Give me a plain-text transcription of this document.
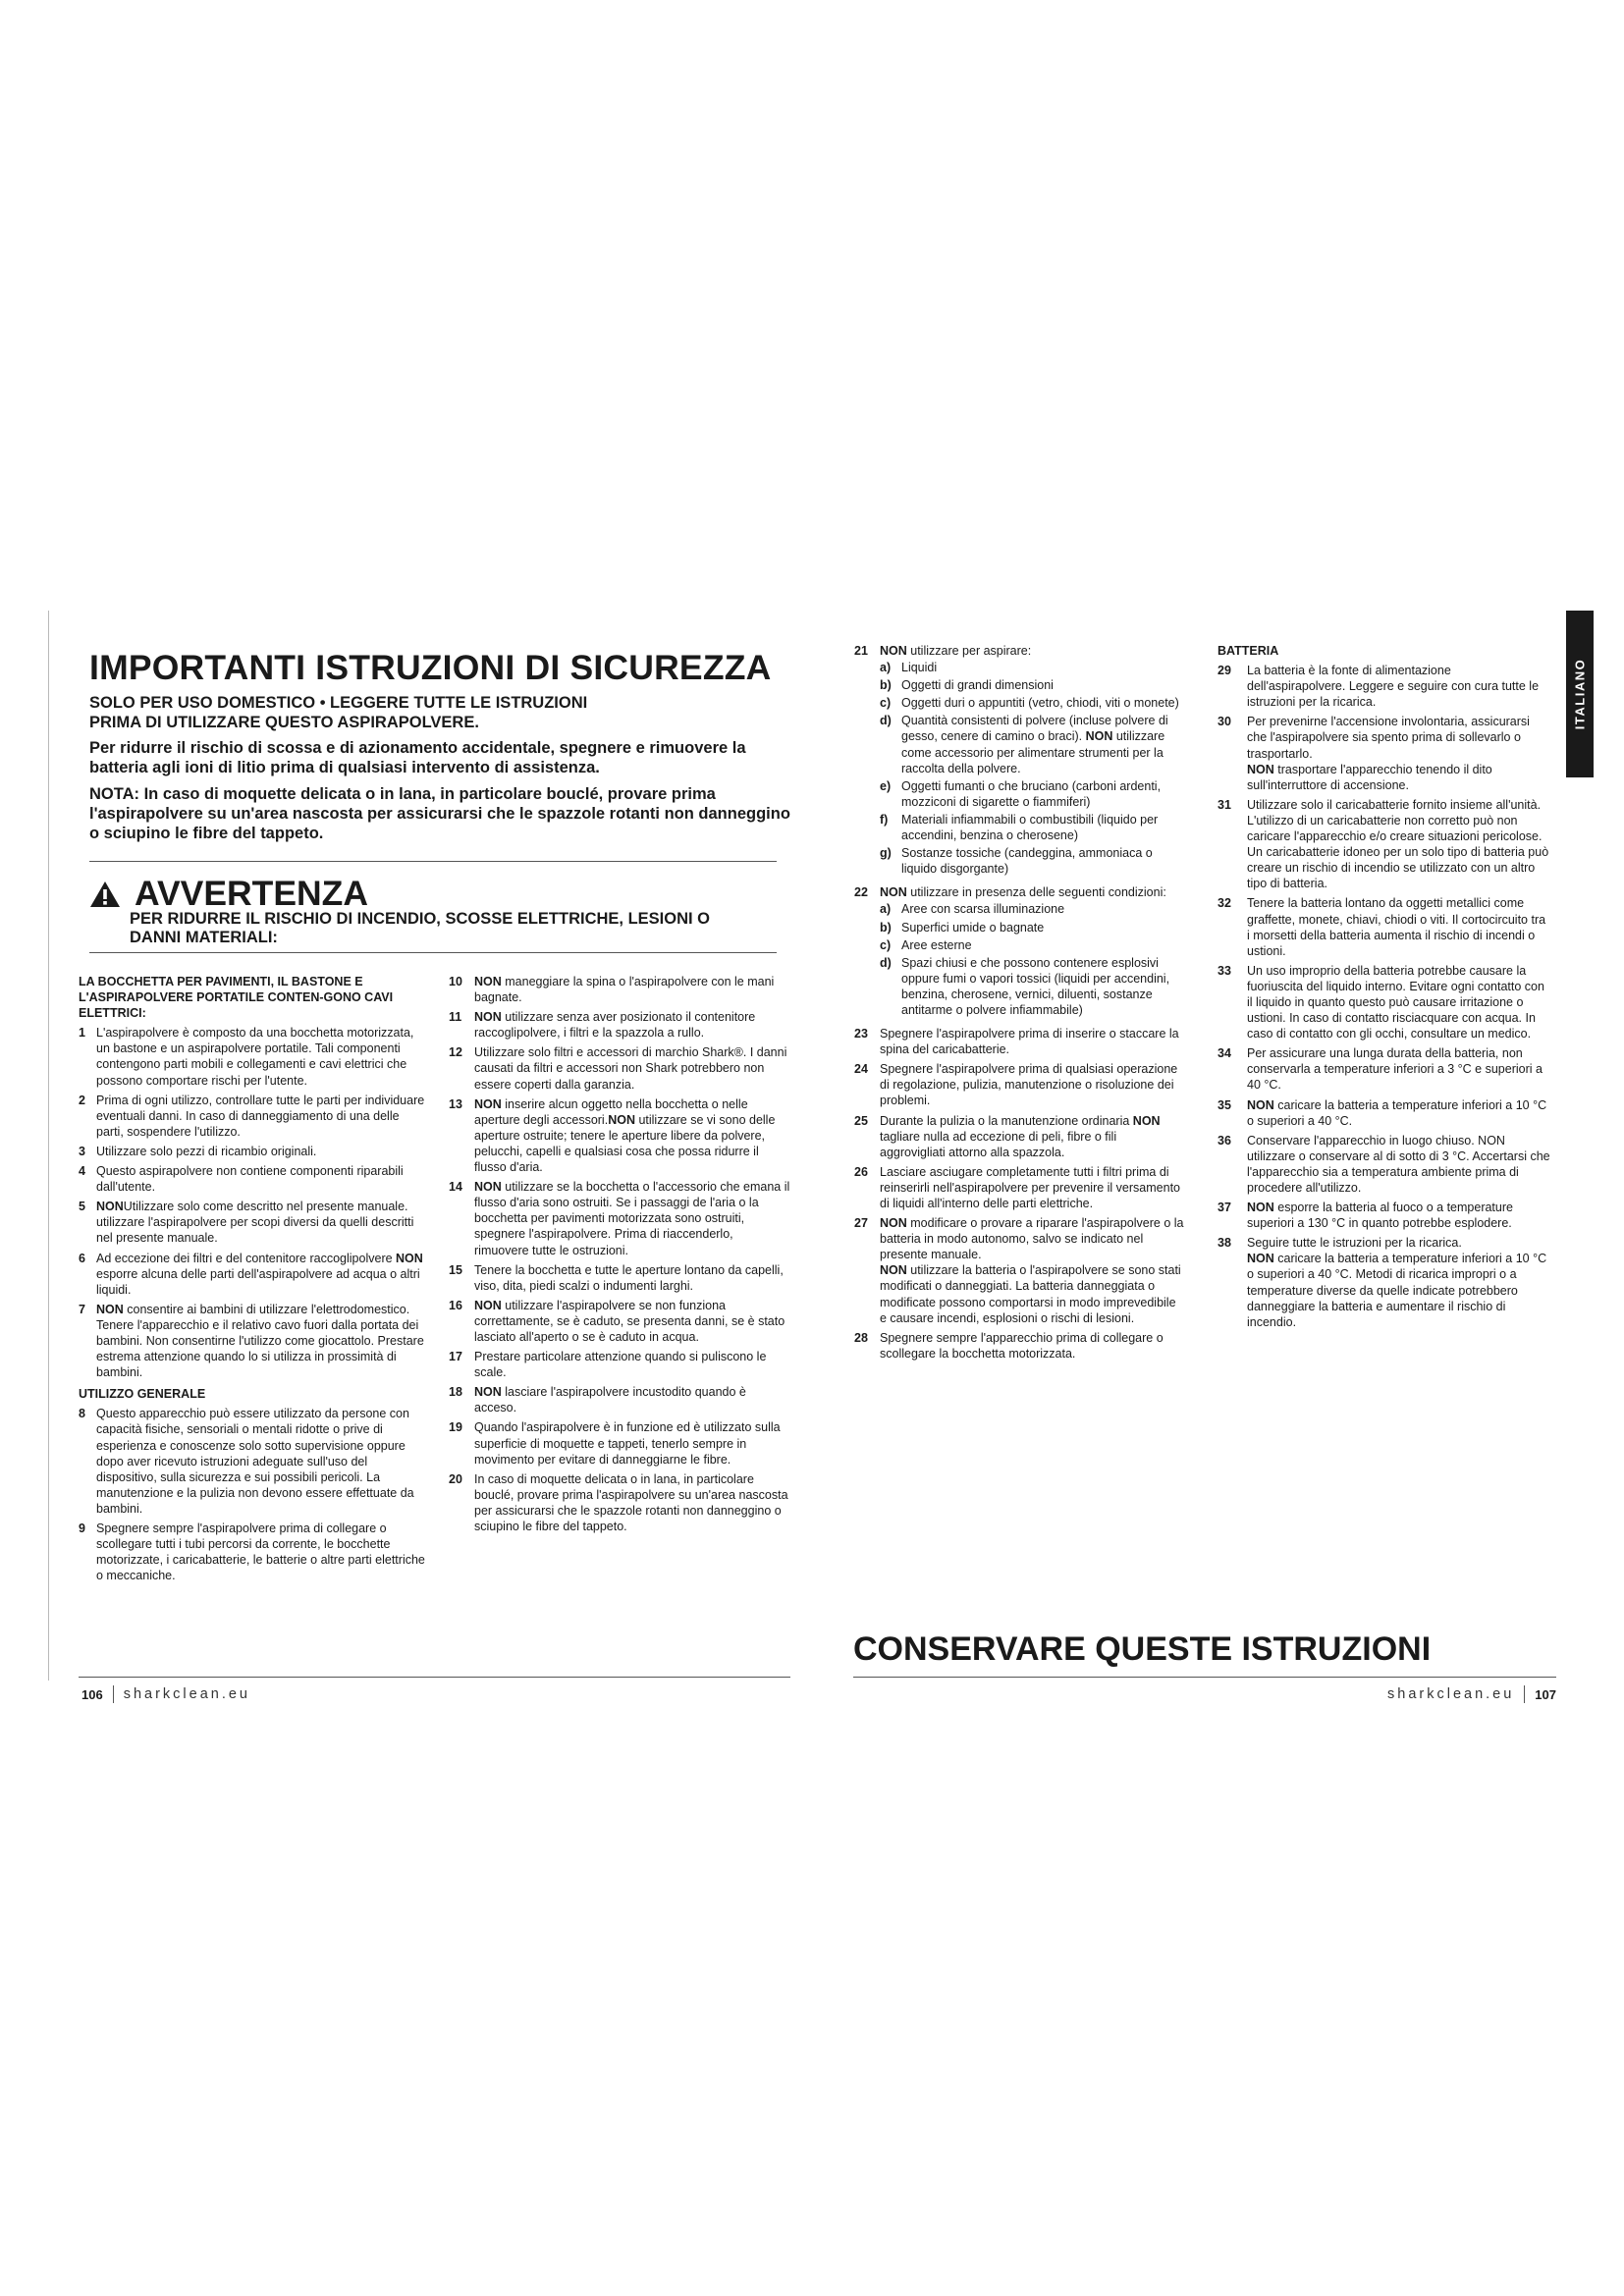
IMPORTANTI ISTRUZIONI DI SICUREZZA
SOLO PER USO DOMESTICO • LEGGERE TUTTE LE ISTRUZIONI
PRIMA DI UTILIZZARE QUESTO ASPIRAPOLVERE.
Per ridurre il rischio di scossa e di azionamento accidentale, spegnere e rimuovere la batteria agli ioni di litio prima di qualsiasi intervento di assistenza.
NOTA: In caso di moquette delicata o in lana, in particolare bouclé, provare prima l'aspirapolvere su un'area nascosta per assicurarsi che le spazzole rotanti non danneggino o sciupino le fibre del tappeto.
AVVERTENZA
PER RIDURRE IL RISCHIO DI INCENDIO, SCOSSE ELETTRICHE, LESIONI O DANNI MATERIALI:
LA BOCCHETTA PER PAVIMENTI, IL BASTONE E L'ASPIRAPOLVERE PORTATILE CONTEN-GONO CAVI ELETTRICI:
1 L'aspirapolvere è composto da una bocchetta motorizzata, un bastone e un aspirapolvere portatile. Tali componenti contengono parti mobili e collegamenti e cavi elettrici che possono comportare rischi per l'utente.
2 Prima di ogni utilizzo, controllare tutte le parti per individuare eventuali danni. In caso di danneggiamento di una delle parti, sospendere l'utilizzo.
3 Utilizzare solo pezzi di ricambio originali.
4 Questo aspirapolvere non contiene componenti riparabili dall'utente.
5 NONUtilizzare solo come descritto nel presente manuale. utilizzare l'aspirapolvere per scopi diversi da quelli descritti nel presente manuale.
6 Ad eccezione dei filtri e del contenitore raccoglipolvere NON esporre alcuna delle parti dell'aspirapolvere ad acqua o altri liquidi.
7 NON consentire ai bambini di utilizzare l'elettrodomestico. Tenere l'apparecchio e il relativo cavo fuori dalla portata dei bambini. Non consentirne l'utilizzo come giocattolo. Prestare estrema attenzione quando lo si utilizza in prossimità di bambini.
UTILIZZO GENERALE
8 Questo apparecchio può essere utilizzato da persone con capacità fisiche, sensoriali o mentali ridotte o prive di esperienza e conoscenze solo sotto supervisione oppure dopo aver ricevuto istruzioni adeguate sull'uso del dispositivo, sulla sicurezza e sui possibili pericoli. La manutenzione e la pulizia non devono essere effettuate da bambini.
9 Spegnere sempre l'aspirapolvere prima di collegare o scollegare tutti i tubi percorsi da corrente, le bocchette motorizzate, i caricabatterie, le batterie o altre parti elettriche o meccaniche.
10 NON maneggiare la spina o l'aspirapolvere con le mani bagnate.
11	NON utilizzare senza aver posizionato il contenitore raccoglipolvere, i filtri e la spazzola a rullo.
12 Utilizzare solo filtri e accessori di marchio Shark®. I danni causati da filtri e accessori non Shark potrebbero non essere coperti dalla garanzia.
13 NON inserire alcun oggetto nella bocchetta o nelle aperture degli accessori.NON utilizzare se vi sono delle aperture ostruite; tenere le aperture libere da polvere, pelucchi, capelli e qualsiasi cosa che possa ridurre il flusso d'aria.
14 NON utilizzare se la bocchetta o l'accessorio che emana il flusso d'aria sono ostruiti. Se i passaggi de l'aria o la bocchetta per pavimenti motorizzata sono ostruiti, spegnere l'aspirapolvere. Prima di riaccenderlo, rimuovere tutte le ostruzioni.
15 Tenere la bocchetta e tutte le aperture lontano da capelli, viso, dita, piedi scalzi o indumenti larghi.
16 NON utilizzare l'aspirapolvere se non funziona correttamente, se è caduto, se presenta danni, se è stato lasciato all'aperto o se è caduto in acqua.
17 Prestare particolare attenzione quando si puliscono le scale.
18 NON lasciare l'aspirapolvere incustodito quando è acceso.
19 Quando l'aspirapolvere è in funzione ed è utilizzato sulla superficie di moquette e tappeti, tenerlo sempre in movimento per evitare di danneggiarne le fibre.
20 In caso di moquette delicata o in lana, in particolare bouclé, provare prima l'aspirapolvere su un'area nascosta per assicurarsi che le spazzole rotanti non danneggino o sciupino le fibre del tappeto.
106 sharkclean.eu
21 NON utilizzare per aspirare:
a) Liquidi
b) Oggetti di grandi dimensioni
c) Oggetti duri o appuntiti (vetro, chiodi, viti o monete)
d) Quantità consistenti di polvere (incluse polvere di gesso, cenere di camino o braci). NON utilizzare come accessorio per alimentare strumenti per la raccolta della polvere.
e) Oggetti fumanti o che bruciano (carboni ardenti, mozziconi di sigarette o fiammiferi)
f)	Materiali infiammabili o combustibili (liquido per accendini, benzina o cherosene)
g) Sostanze tossiche (candeggina, ammoniaca o liquido disgorgante)
22 NON utilizzare in presenza delle seguenti condizioni:
a) Aree con scarsa illuminazione
b) Superfici umide o bagnate
c) Aree esterne
d) Spazi chiusi e che possono contenere esplosivi oppure fumi o vapori tossici (liquidi per accendini, benzina, cherosene, vernici, diluenti, sostanze antitarme o polvere infiammabile)
23 Spegnere l'aspirapolvere prima di inserire o staccare la spina del caricabatterie.
24 Spegnere l'aspirapolvere prima di qualsiasi operazione di regolazione, pulizia, manutenzione o risoluzione dei problemi.
25 Durante la pulizia o la manutenzione ordinaria NON tagliare nulla ad eccezione di peli, fibre o fili aggrovigliati attorno alla spazzola.
26 Lasciare asciugare completamente tutti i filtri prima di reinserirli nell'aspirapolvere per prevenire il versamento di liquidi all'interno delle parti elettriche.
27 NON modificare o provare a riparare l'aspirapolvere o la batteria in modo autonomo, salvo se indicato nel presente manuale.
NON utilizzare la batteria o l'aspirapolvere se sono stati modificati o danneggiati. La batteria danneggiata o modificate possono comportarsi in modo imprevedibile e causare incendi, esplosioni o rischi di lesioni.
28 Spegnere sempre l'apparecchio prima di collegare o scollegare la bocchetta motorizzata.
BATTERIA
29	La batteria è la fonte di alimentazione dell'aspirapolvere. Leggere e seguire con cura tutte le istruzioni per la ricarica.
30	Per prevenirne l'accensione involontaria, assicurarsi che l'aspirapolvere sia spento prima di sollevarlo o trasportarlo.
NON trasportare l'apparecchio tenendo il dito sull'interruttore di accensione.
31	Utilizzare solo il caricabatterie fornito insieme all'unità. L'utilizzo di un caricabatterie non corretto può non caricare l'apparecchio e/o creare situazioni pericolose. Un caricabatterie idoneo per un solo tipo di batteria può creare un rischio di incendio se utilizzato con un altro tipo di batteria.
32	Tenere la batteria lontano da oggetti metallici come graffette, monete, chiavi, chiodi o viti. Il cortocircuito tra i morsetti della batteria aumenta il rischio di incendi o ustioni.
33	Un uso improprio della batteria potrebbe causare la fuoriuscita del liquido interno. Evitare ogni contatto con il liquido in quanto questo può causare irritazione o ustioni. In caso di contatto risciacquare con acqua. In caso di contatto con gli occhi, consultare un medico.
34	Per assicurare una lunga durata della batteria, non conservarla a temperature inferiori a 3 °C e superiori a 40 °C.
35	NON caricare la batteria a temperature inferiori a 10 °C o superiori a 40 °C.
36	Conservare l'apparecchio in luogo chiuso. NON utilizzare o conservare al di sotto di 3 °C. Accertarsi che l'apparecchio sia a temperatura ambiente prima di procedere all'utilizzo.
37	NON esporre la batteria al fuoco o a temperature superiori a 130 °C in quanto potrebbe esplodere.
38	Seguire tutte le istruzioni per la ricarica.
NON caricare la batteria a temperature inferiori a 10 °C o superiori a 40 °C. Metodi di ricarica impropri o a temperature diverse da quelle indicate potrebbero danneggiare la batteria e aumentare il rischio di incendio.
ITALIANO
CONSERVARE QUESTE ISTRUZIONI
sharkclean.eu 107
